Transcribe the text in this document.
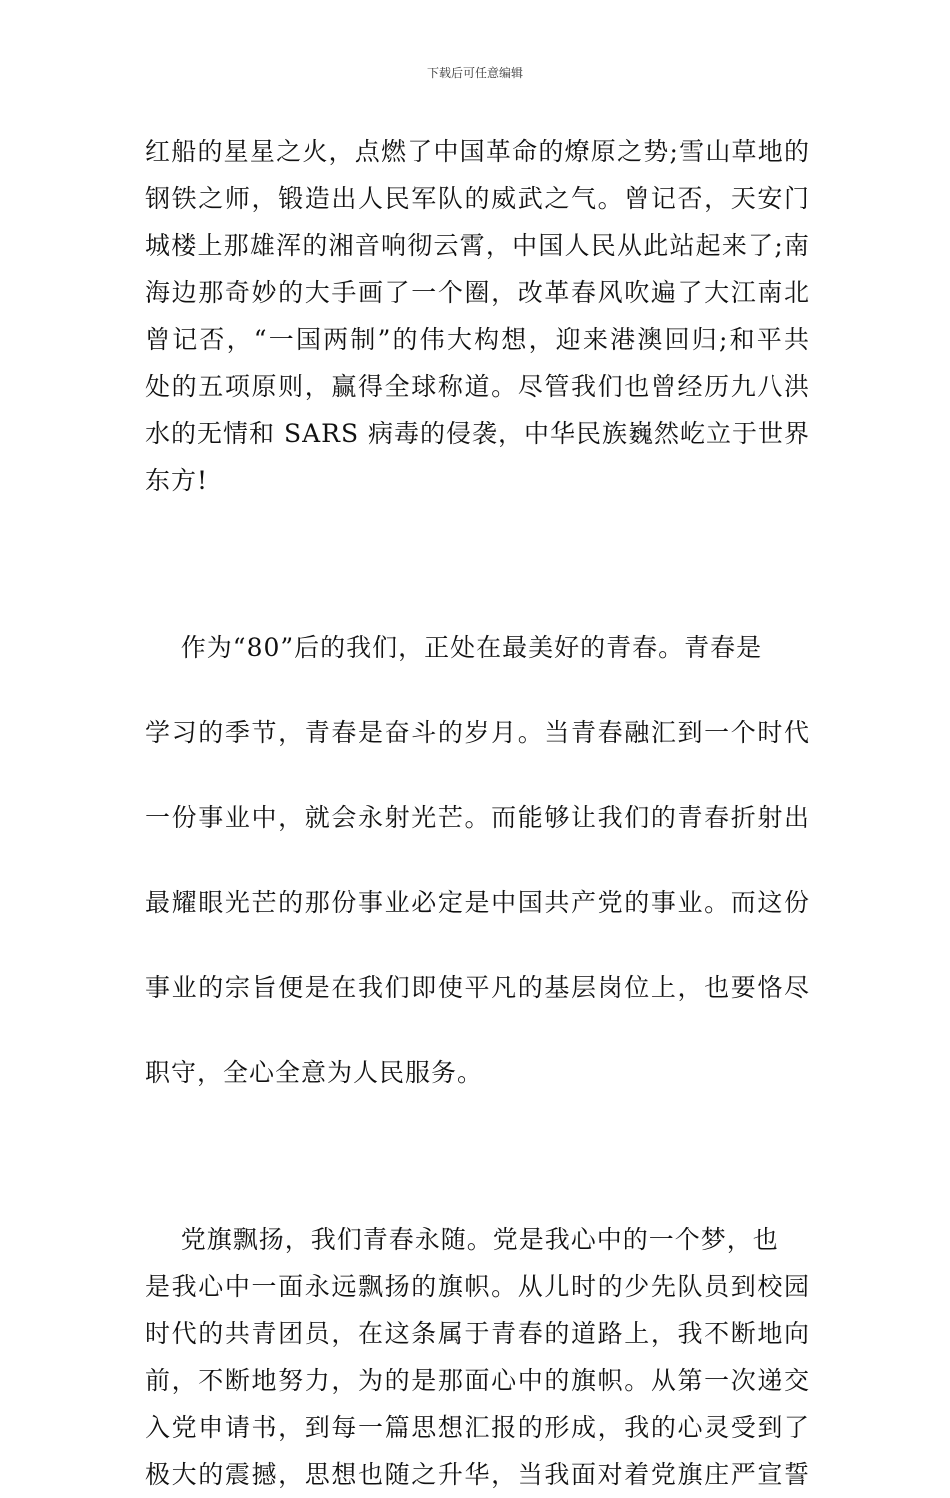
下载后可任意编辑
红船的星星之火，点燃了中国革命的燎原之势;雪山草地的
钢铁之师，锻造出人民军队的威武之气。曾记否，天安门
城楼上那雄浑的湘音响彻云霄，中国人民从此站起来了;南
海边那奇妙的大手画了一个圈，改革春风吹遍了大江南北
曾记否，“一国两制”的伟大构想，迎来港澳回归;和平共
处的五项原则，赢得全球称道。尽管我们也曾经历九八洪
水的无情和 SARS 病毒的侵袭，中华民族巍然屹立于世界
东方!

作为“80”后的我们，正处在最美好的青春。青春是

学习的季节，青春是奋斗的岁月。当青春融汇到一个时代

一份事业中，就会永射光芒。而能够让我们的青春折射出

最耀眼光芒的那份事业必定是中国共产党的事业。而这份

事业的宗旨便是在我们即使平凡的基层岗位上，也要恪尽

职守，全心全意为人民服务。

党旗飘扬，我们青春永随。党是我心中的一个梦，也
是我心中一面永远飘扬的旗帜。从儿时的少先队员到校园
时代的共青团员，在这条属于青春的道路上，我不断地向
前，不断地努力，为的是那面心中的旗帜。从第一次递交
入党申请书，到每一篇思想汇报的形成，我的心灵受到了
极大的震撼，思想也随之升华，当我面对着党旗庄严宣誓
